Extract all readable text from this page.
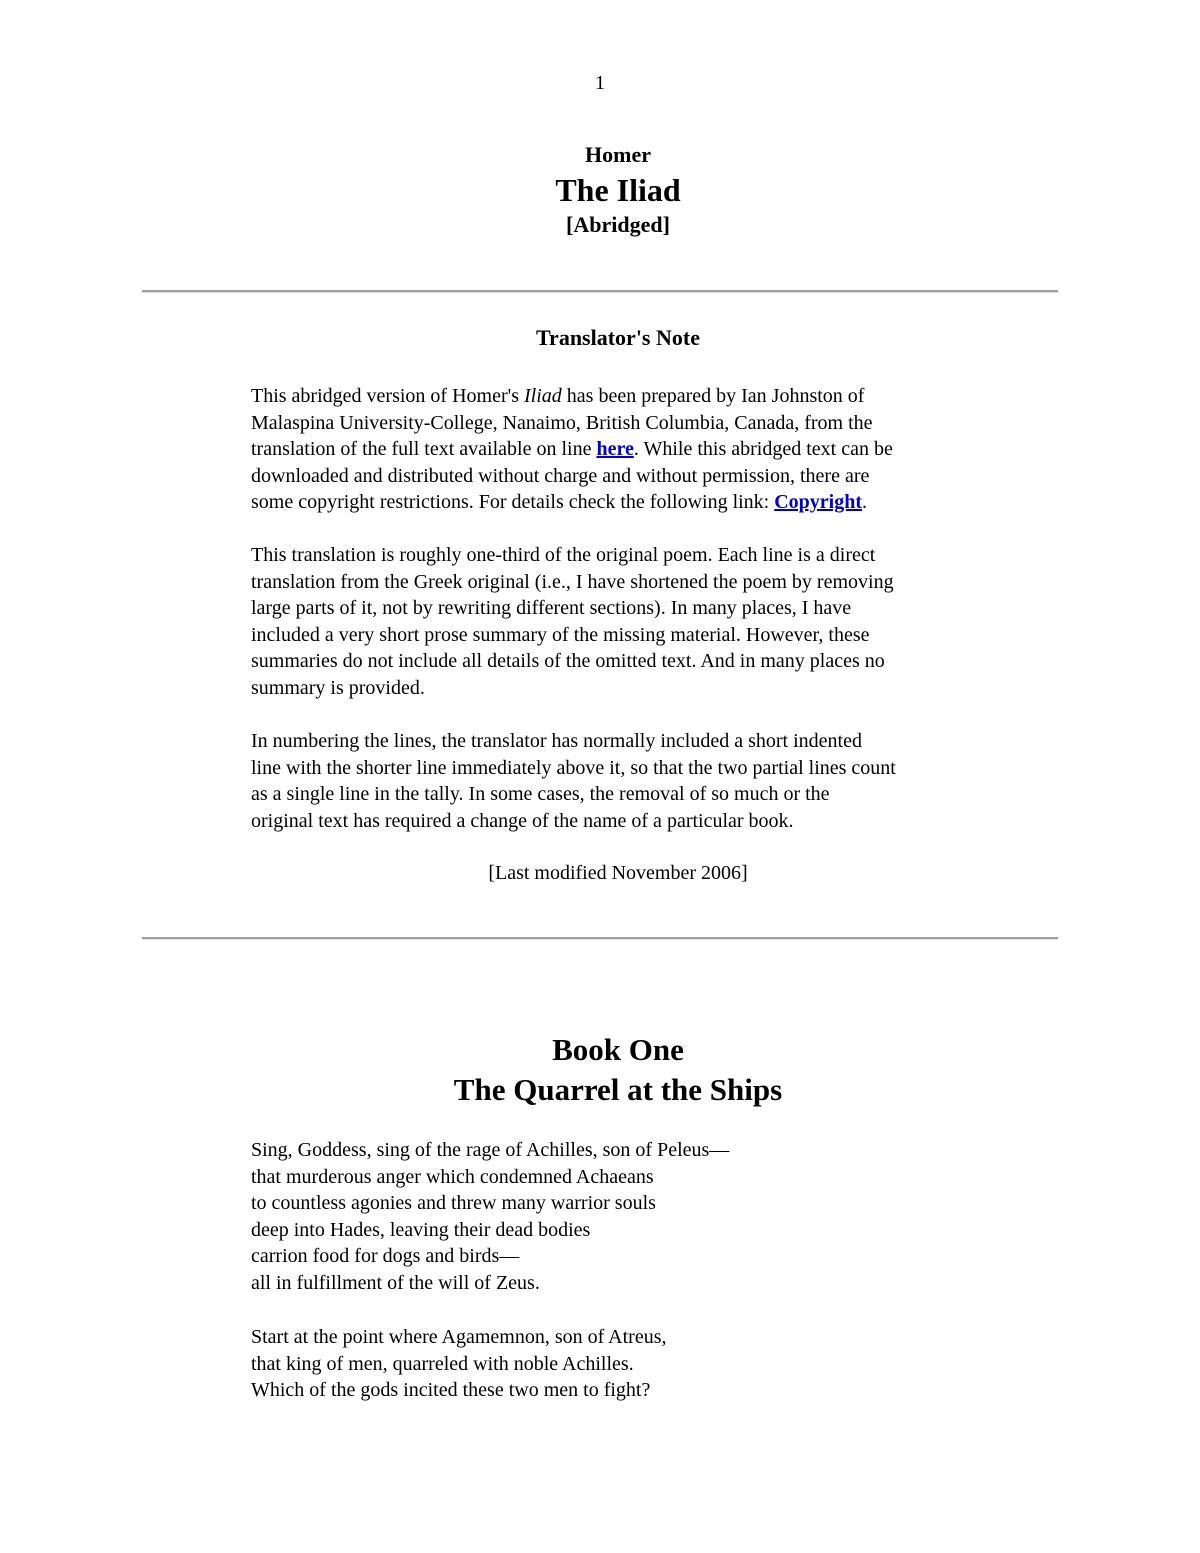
1
Homer
The Iliad
[Abridged]
Translator's Note
This abridged version of Homer's Iliad has been prepared by Ian Johnston of
Malaspina University-College, Nanaimo, British Columbia, Canada, from the
translation of the full text available on line here. While this abridged text can be
downloaded and distributed without charge and without permission, there are
some copyright restrictions. For details check the following link: Copyright.
This translation is roughly one-third of the original poem. Each line is a direct
translation from the Greek original (i.e., I have shortened the poem by removing
large parts of it, not by rewriting different sections). In many places, I have
included a very short prose summary of the missing material. However, these
summaries do not include all details of the omitted text. And in many places no
summary is provided.
In numbering the lines, the translator has normally included a short indented
line with the shorter line immediately above it, so that the two partial lines count
as a single line in the tally. In some cases, the removal of so much or the
original text has required a change of the name of a particular book.
[Last modified November 2006]
Book One
The Quarrel at the Ships
Sing, Goddess, sing of the rage of Achilles, son of Peleus—
that murderous anger which condemned Achaeans
to countless agonies and threw many warrior souls
deep into Hades, leaving their dead bodies
carrion food for dogs and birds—
all in fulfillment of the will of Zeus.
Start at the point where Agamemnon, son of Atreus,
that king of men, quarreled with noble Achilles.
Which of the gods incited these two men to fight?
